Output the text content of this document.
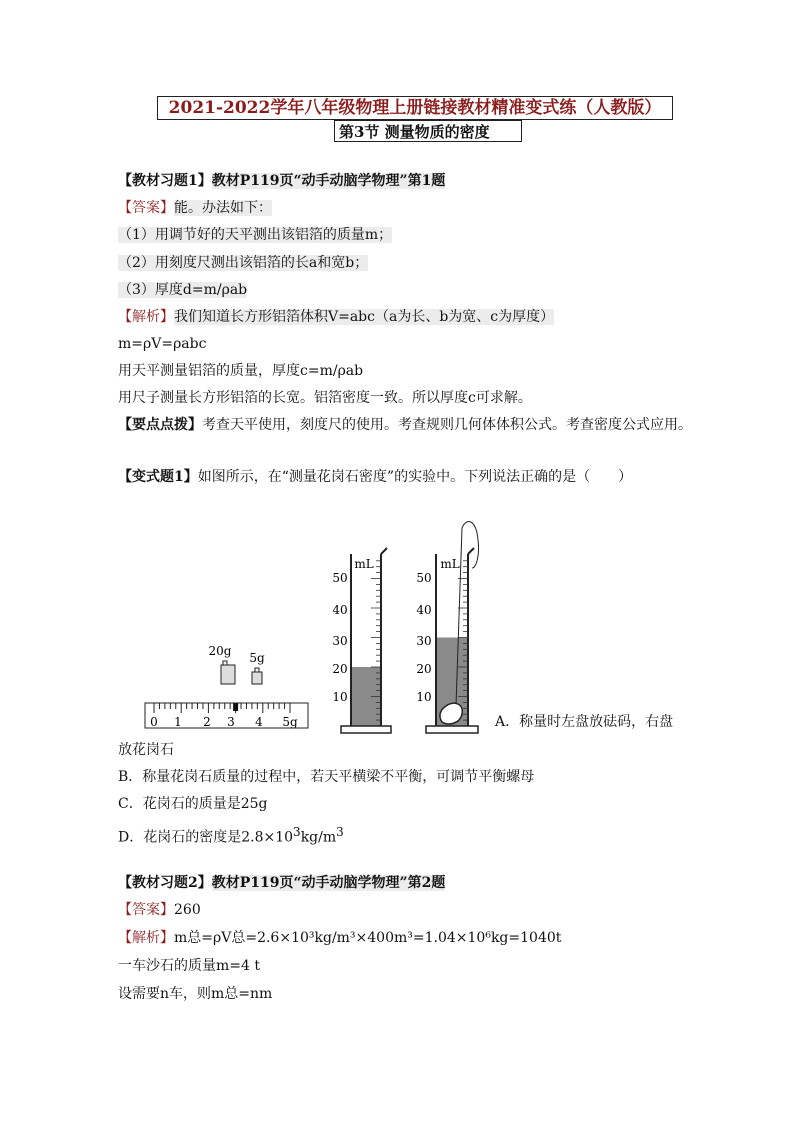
2021-2022学年八年级物理上册链接教材精准变式练（人教版）
第3节 测量物质的密度
【教材习题1】教材P119页“动手动脑学物理”第1题
【答案】能。办法如下：
（1）用调节好的天平测出该铝箔的质量m；
（2）用刻度尺测出该铝箔的长a和宽b；
（3）厚度d=m/ρab
【解析】我们知道长方形铝箔体积V=abc（a为长、b为宽、c为厚度）
m=ρV=ρabc
用天平测量铝箔的质量，厚度c=m/ρab
用尺子测量长方形铝箔的长宽。铝箔密度一致。所以厚度c可求解。
【要点点拨】考查天平使用，刻度尺的使用。考查规则几何体体积公式。考查密度公式应用。
【变式题1】如图所示，在“测量花岗石密度”的实验中。下列说法正确的是（　　）
20g 5g
0 1 2 3 4 5g
mL
50
40
30
20
10
mL
50
40
30
20
10
A．称量时左盘放砝码，右盘
放花岗石
B．称量花岗石质量的过程中，若天平横梁不平衡，可调节平衡螺母
C．花岗石的质量是25g
D．花岗石的密度是$2.8\times 10^3kg/m^3$
【教材习题2】教材P119页“动手动脑学物理”第2题
【答案】260
【解析】m总=ρV总=2.6×10³kg/m³×400m³=1.04×10⁶kg=1040t
一车沙石的质量m=4 t
设需要n车，则m总=nm
